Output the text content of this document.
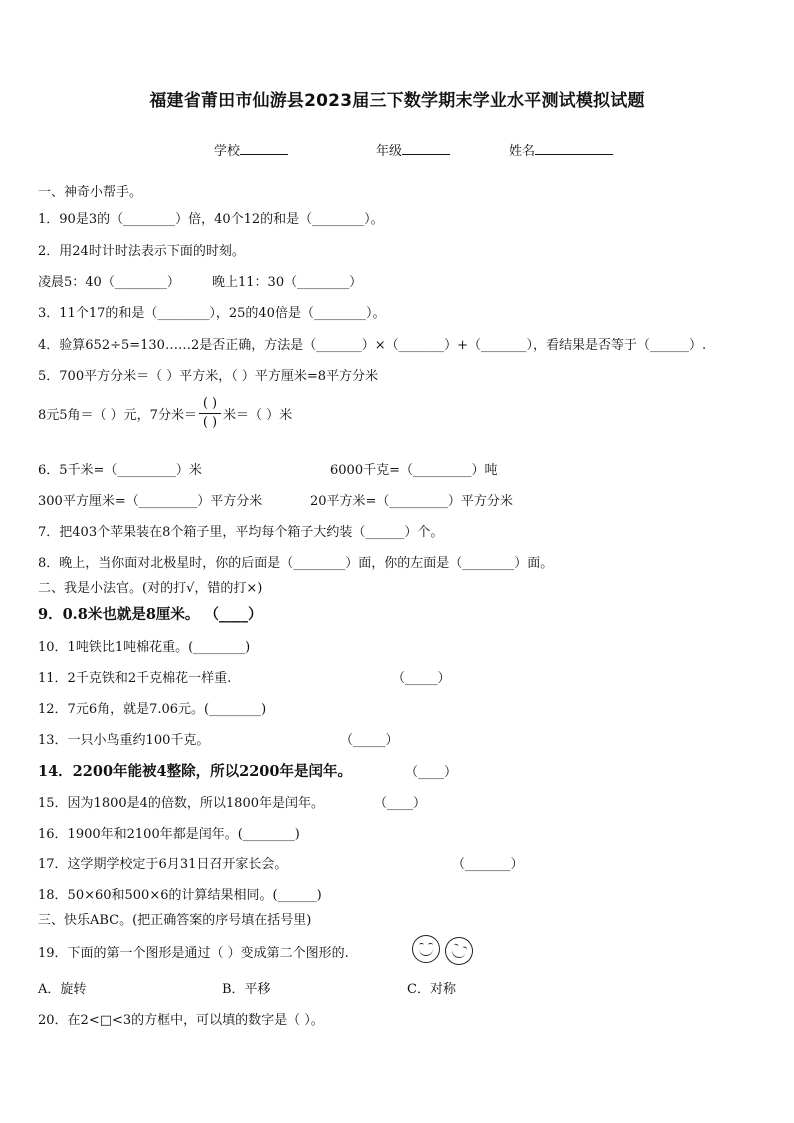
福建省莆田市仙游县2023届三下数学期末学业水平测试模拟试题
学校	年级	姓名
一、神奇小帮手。
1．90是3的（________）倍，40个12的和是（________）。
2．用24时计时法表示下面的时刻。
凌晨5：40（________） 晚上11：30（________）
3．11个17的和是（________），25的40倍是（________）。
4．验算652÷5=130……2是否正确，方法是（_______）×（_______）+（_______），看结果是否等于（______）.
5．700平方分米＝（ ）平方米，（ ）平方厘米=8平方分米
8元5角＝（ ）元，7分米＝ $\frac{( )}{( )}$ 米＝（ ）米
6．5千米=（_________）米	6000千克=（_________）吨
300平方厘米=（_________）平方分米	20平方米=（_________）平方分米
7．把403个苹果装在8个箱子里，平均每个箱子大约装（______）个。
8．晚上，当你面对北极星时，你的后面是（________）面，你的左面是（________）面。
二、我是小法官。(对的打√，错的打×)
9．0.8米也就是8厘米。 （____）
10．1吨铁比1吨棉花重。(________)
11．2千克铁和2千克棉花一样重.	（_____）
12．7元6角，就是7.06元。(________)
13．一只小鸟重约100千克。	（_____）
14．2200年能被4整除，所以2200年是闰年。	（____）
15．因为1800是4的倍数，所以1800年是闰年。	（____）
16．1900年和2100年都是闰年。(________)
17．这学期学校定于6月31日召开家长会。	（_______）
18．50×60和500×6的计算结果相同。(______)
三、快乐ABC。(把正确答案的序号填在括号里)
19．下面的第一个图形是通过（ ）变成第二个图形的.
A．旋转	B．平移	C．对称
20．在2<□<3的方框中，可以填的数字是（ ）。
